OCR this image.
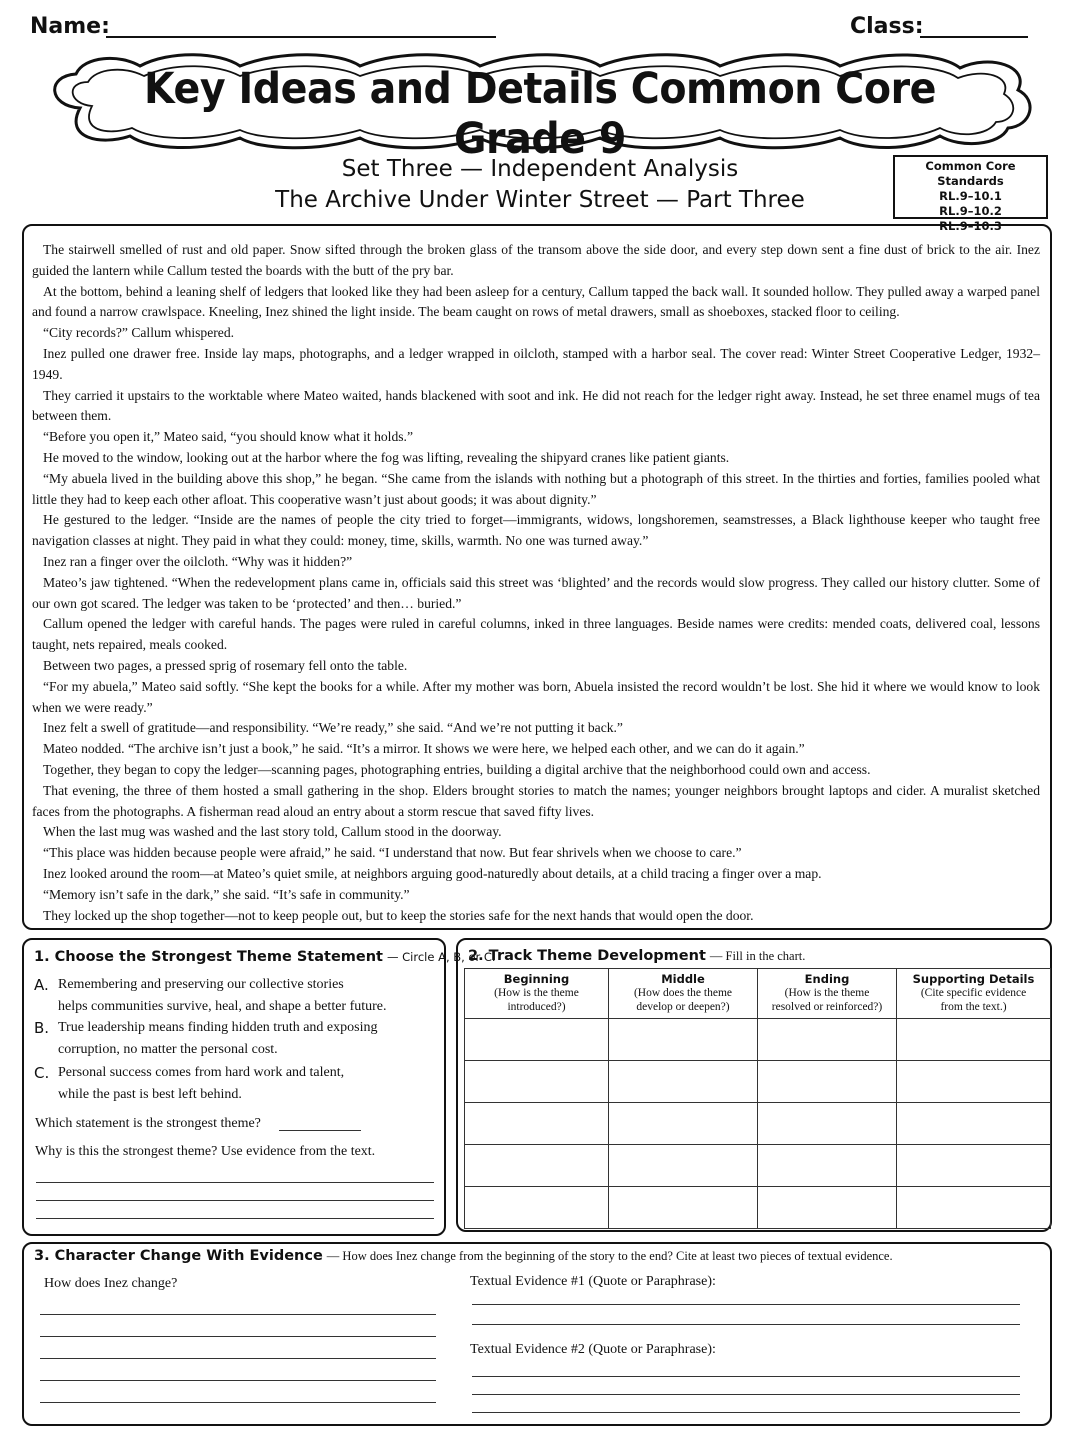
Name:	Class:
Key Ideas and Details Common Core Grade 9
Set Three — Independent Analysis
The Archive Under Winter Street — Part Three
Common Core Standards
RL.9–10.1
RL.9–10.2
RL.9–10.3

The stairwell smelled of rust and old paper. Snow sifted through the broken glass of the transom above the side door, and every step down sent a fine dust of brick to the air. Inez guided the lantern while Callum tested the boards with the butt of the pry bar.

At the bottom, behind a leaning shelf of ledgers that looked like they had been asleep for a century, Callum tapped the back wall. It sounded hollow. They pulled away a warped panel and found a narrow crawlspace. Kneeling, Inez shined the light inside. The beam caught on rows of metal drawers, small as shoeboxes, stacked floor to ceiling.

“City records?” Callum whispered.

Inez pulled one drawer free. Inside lay maps, photographs, and a ledger wrapped in oilcloth, stamped with a harbor seal. The cover read: Winter Street Cooperative Ledger, 1932–1949.

They carried it upstairs to the worktable where Mateo waited, hands blackened with soot and ink. He did not reach for the ledger right away. Instead, he set three enamel mugs of tea between them.

“Before you open it,” Mateo said, “you should know what it holds.”

He moved to the window, looking out at the harbor where the fog was lifting, revealing the shipyard cranes like patient giants.

“My abuela lived in the building above this shop,” he began. “She came from the islands with nothing but a photograph of this street. In the thirties and forties, families pooled what little they had to keep each other afloat. This cooperative wasn’t just about goods; it was about dignity.”

He gestured to the ledger. “Inside are the names of people the city tried to forget—immigrants, widows, longshoremen, seamstresses, a Black lighthouse keeper who taught free navigation classes at night. They paid in what they could: money, time, skills, warmth. No one was turned away.”

Inez ran a finger over the oilcloth. “Why was it hidden?”

Mateo’s jaw tightened. “When the redevelopment plans came in, officials said this street was ‘blighted’ and the records would slow progress. They called our history clutter. Some of our own got scared. The ledger was taken to be ‘protected’ and then… buried.”

Callum opened the ledger with careful hands. The pages were ruled in careful columns, inked in three languages. Beside names were credits: mended coats, delivered coal, lessons taught, nets repaired, meals cooked.

Between two pages, a pressed sprig of rosemary fell onto the table.

“For my abuela,” Mateo said softly. “She kept the books for a while. After my mother was born, Abuela insisted the record wouldn’t be lost. She hid it where we would know to look when we were ready.”

Inez felt a swell of gratitude—and responsibility. “We’re ready,” she said. “And we’re not putting it back.”

Mateo nodded. “The archive isn’t just a book,” he said. “It’s a mirror. It shows we were here, we helped each other, and we can do it again.”

Together, they began to copy the ledger—scanning pages, photographing entries, building a digital archive that the neighborhood could own and access.

That evening, the three of them hosted a small gathering in the shop. Elders brought stories to match the names; younger neighbors brought laptops and cider. A muralist sketched faces from the photographs. A fisherman read aloud an entry about a storm rescue that saved fifty lives.

When the last mug was washed and the last story told, Callum stood in the doorway.

“This place was hidden because people were afraid,” he said. “I understand that now. But fear shrivels when we choose to care.”

Inez looked around the room—at Mateo’s quiet smile, at neighbors arguing good-naturedly about details, at a child tracing a finger over a map.

“Memory isn’t safe in the dark,” she said. “It’s safe in community.”

They locked up the shop together—not to keep people out, but to keep the stories safe for the next hands that would open the door.

1. Choose the Strongest Theme Statement — Circle A, B, or C.
A. Remembering and preserving our collective stories
helps communities survive, heal, and shape a better future.
B. True leadership means finding hidden truth and exposing
corruption, no matter the personal cost.
C. Personal success comes from hard work and talent,
while the past is best left behind.
Which statement is the strongest theme?
Why is this the strongest theme? Use evidence from the text.
2. Track Theme Development — Fill in the chart.
Beginning
(How is the theme
introduced?)	Middle
(How does the theme
develop or deepen?)	Ending
(How is the theme
resolved or reinforced?)	Supporting Details
(Cite specific evidence
from the text.)

3. Character Change With Evidence — How does Inez change from the beginning of the story to the end? Cite at least two pieces of textual evidence.
How does Inez change?	Textual Evidence #1 (Quote or Paraphrase):
Textual Evidence #2 (Quote or Paraphrase):
